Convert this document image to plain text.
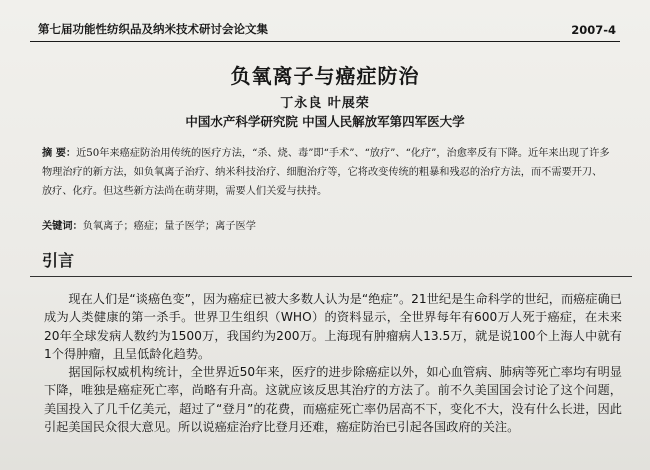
第七届功能性纺织品及纳米技术研讨会论文集	2007-4
负氧离子与癌症防治
丁永良 叶展荣
中国水产科学研究院 中国人民解放军第四军医大学
摘 要：近50年来癌症防治用传统的医疗方法，“杀、烧、毒”即“手术”、“放疗”、“化疗”，治愈率反有下降。近年来出现了许多物理治疗的新方法，如负氧离子治疗、纳米科技治疗、细胞治疗等，它将改变传统的粗暴和残忍的治疗方法，而不需要开刀、放疗、化疗。但这些新方法尚在萌芽期，需要人们关爱与扶持。
关键词：负氧离子；癌症；量子医学；离子医学
引言

现在人们是“谈癌色变”，因为癌症已被大多数人认为是“绝症”。21世纪是生命科学的世纪，而癌症确已成为人类健康的第一杀手。世界卫生组织（WHO）的资料显示，全世界每年有600万人死于癌症，在未来20年全球发病人数约为1500万，我国约为200万。上海现有肿瘤病人13.5万，就是说100个上海人中就有1个得肿瘤，且呈低龄化趋势。

据国际权威机构统计，全世界近50年来，医疗的进步除癌症以外，如心血管病、肺病等死亡率均有明显下降，唯独是癌症死亡率，尚略有升高。这就应该反思其治疗的方法了。前不久美国国会讨论了这个问题，美国投入了几千亿美元，超过了“登月”的花费，而癌症死亡率仍居高不下，变化不大，没有什么长进，因此引起美国民众很大意见。所以说癌症治疗比登月还难，癌症防治已引起各国政府的关注。
